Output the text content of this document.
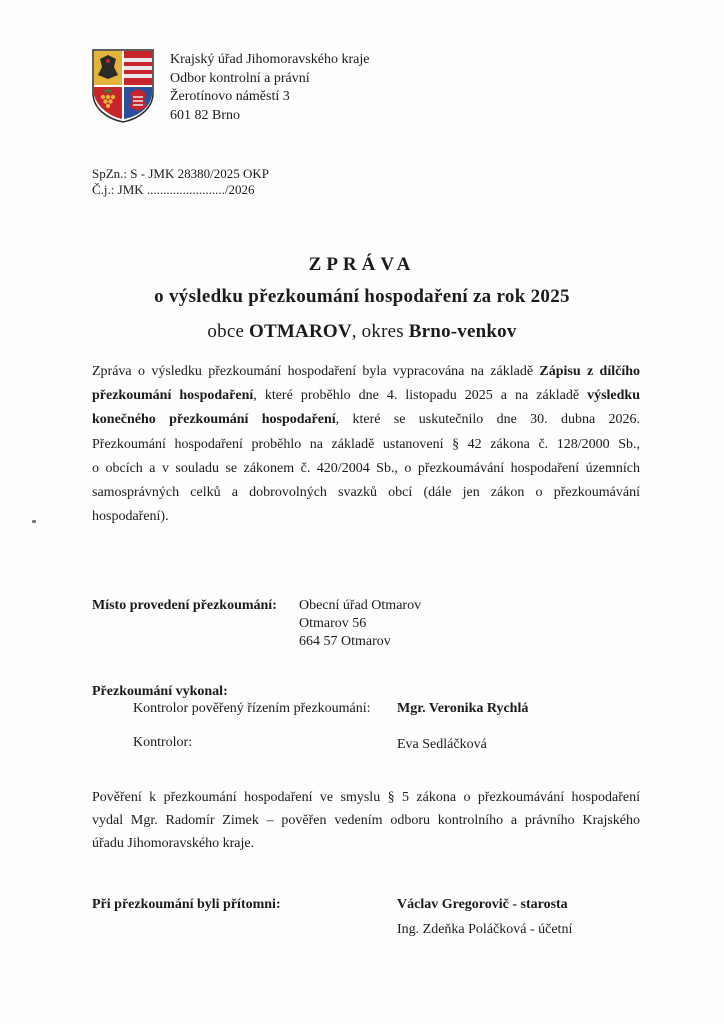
Krajský úřad Jihomoravského kraje
Odbor kontrolní a právní
Žerotínovo náměstí 3
601 82 Brno
SpZn.: S - JMK 28380/2025 OKP
Č.j.: JMK ......................../2026
ZPRÁVA
o výsledku přezkoumání hospodaření za rok 2025
obce OTMAROV, okres Brno-venkov
Zpráva o výsledku přezkoumání hospodaření byla vypracována na základě Zápisu z dílčího
přezkoumání hospodaření, které proběhlo dne 4. listopadu 2025 a na základě výsledku
konečného přezkoumání hospodaření, které se uskutečnilo dne 30. dubna 2026.
Přezkoumání hospodaření proběhlo na základě ustanovení § 42 zákona č. 128/2000 Sb.,
o obcích a v souladu se zákonem č. 420/2004 Sb., o přezkoumávání hospodaření územních
samosprávných celků a dobrovolných svazků obcí (dále jen zákon o přezkoumávání
hospodaření).
Místo provedení přezkoumání: Obecní úřad Otmarov
Otmarov 56
664 57 Otmarov
Přezkoumání vykonal:
Kontrolor pověřený řízením přezkoumání: Mgr. Veronika Rychlá
Kontrolor:	Eva Sedláčková
Pověření k přezkoumání hospodaření ve smyslu § 5 zákona o přezkoumávání hospodaření
vydal Mgr. Radomír Zimek – pověřen vedením odboru kontrolního a právního Krajského
úřadu Jihomoravského kraje.
Při přezkoumání byli přítomni:	Václav Gregorovič - starosta
Ing. Zdeňka Poláčková - účetní
